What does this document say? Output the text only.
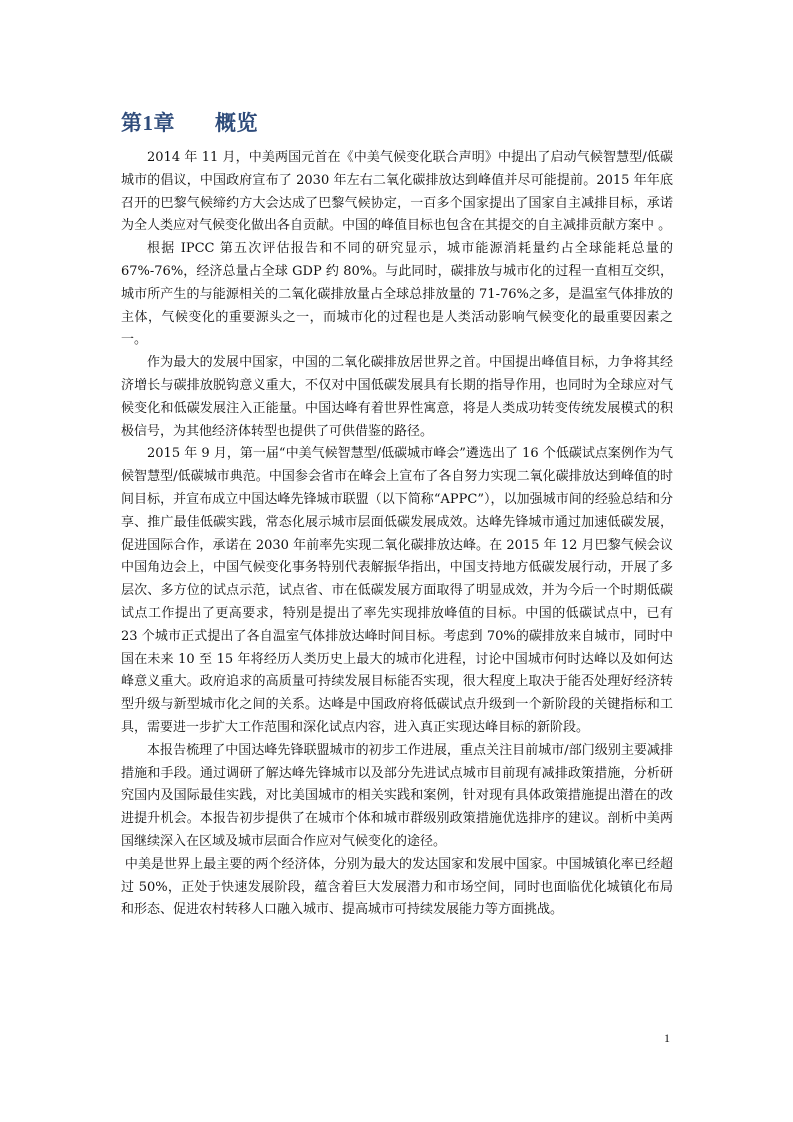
第1章 概览

2014 年 11 月，中美两国元首在《中美气候变化联合声明》中提出了启动气候智慧型/低碳城市的倡议，中国政府宣布了 2030 年左右二氧化碳排放达到峰值并尽可能提前。2015 年年底召开的巴黎气候缔约方大会达成了巴黎气候协定，一百多个国家提出了国家自主减排目标，承诺为全人类应对气候变化做出各自贡献。中国的峰值目标也包含在其提交的自主减排贡献方案中 。

根据 IPCC 第五次评估报告和不同的研究显示，城市能源消耗量约占全球能耗总量的 67%-76%，经济总量占全球 GDP 约 80%。与此同时，碳排放与城市化的过程一直相互交织，城市所产生的与能源相关的二氧化碳排放量占全球总排放量的 71-76%之多，是温室气体排放的主体，气候变化的重要源头之一，而城市化的过程也是人类活动影响气候变化的最重要因素之一。

作为最大的发展中国家，中国的二氧化碳排放居世界之首。中国提出峰值目标，力争将其经济增长与碳排放脱钩意义重大，不仅对中国低碳发展具有长期的指导作用，也同时为全球应对气候变化和低碳发展注入正能量。中国达峰有着世界性寓意，将是人类成功转变传统发展模式的积极信号，为其他经济体转型也提供了可供借鉴的路径。

2015 年 9 月，第一届“中美气候智慧型/低碳城市峰会”遴选出了 16 个低碳试点案例作为气候智慧型/低碳城市典范。中国参会省市在峰会上宣布了各自努力实现二氧化碳排放达到峰值的时间目标，并宣布成立中国达峰先锋城市联盟（以下简称“APPC”），以加强城市间的经验总结和分享、推广最佳低碳实践，常态化展示城市层面低碳发展成效。达峰先锋城市通过加速低碳发展，促进国际合作，承诺在 2030 年前率先实现二氧化碳排放达峰。在 2015 年 12 月巴黎气候会议中国角边会上，中国气候变化事务特别代表解振华指出，中国支持地方低碳发展行动，开展了多层次、多方位的试点示范，试点省、市在低碳发展方面取得了明显成效，并为今后一个时期低碳试点工作提出了更高要求，特别是提出了率先实现排放峰值的目标。中国的低碳试点中，已有 23 个城市正式提出了各自温室气体排放达峰时间目标。考虑到 70%的碳排放来自城市，同时中国在未来 10 至 15 年将经历人类历史上最大的城市化进程，讨论中国城市何时达峰以及如何达峰意义重大。政府追求的高质量可持续发展目标能否实现，很大程度上取决于能否处理好经济转型升级与新型城市化之间的关系。达峰是中国政府将低碳试点升级到一个新阶段的关键指标和工具，需要进一步扩大工作范围和深化试点内容，进入真正实现达峰目标的新阶段。

本报告梳理了中国达峰先锋联盟城市的初步工作进展，重点关注目前城市/部门级别主要减排措施和手段。通过调研了解达峰先锋城市以及部分先进试点城市目前现有减排政策措施，分析研究国内及国际最佳实践，对比美国城市的相关实践和案例，针对现有具体政策措施提出潜在的改进提升机会。本报告初步提供了在城市个体和城市群级别政策措施优选排序的建议。剖析中美两国继续深入在区域及城市层面合作应对气候变化的途径。

中美是世界上最主要的两个经济体，分别为最大的发达国家和发展中国家。中国城镇化率已经超过 50%，正处于快速发展阶段，蕴含着巨大发展潜力和市场空间，同时也面临优化城镇化布局和形态、促进农村转移人口融入城市、提高城市可持续发展能力等方面挑战。

1
